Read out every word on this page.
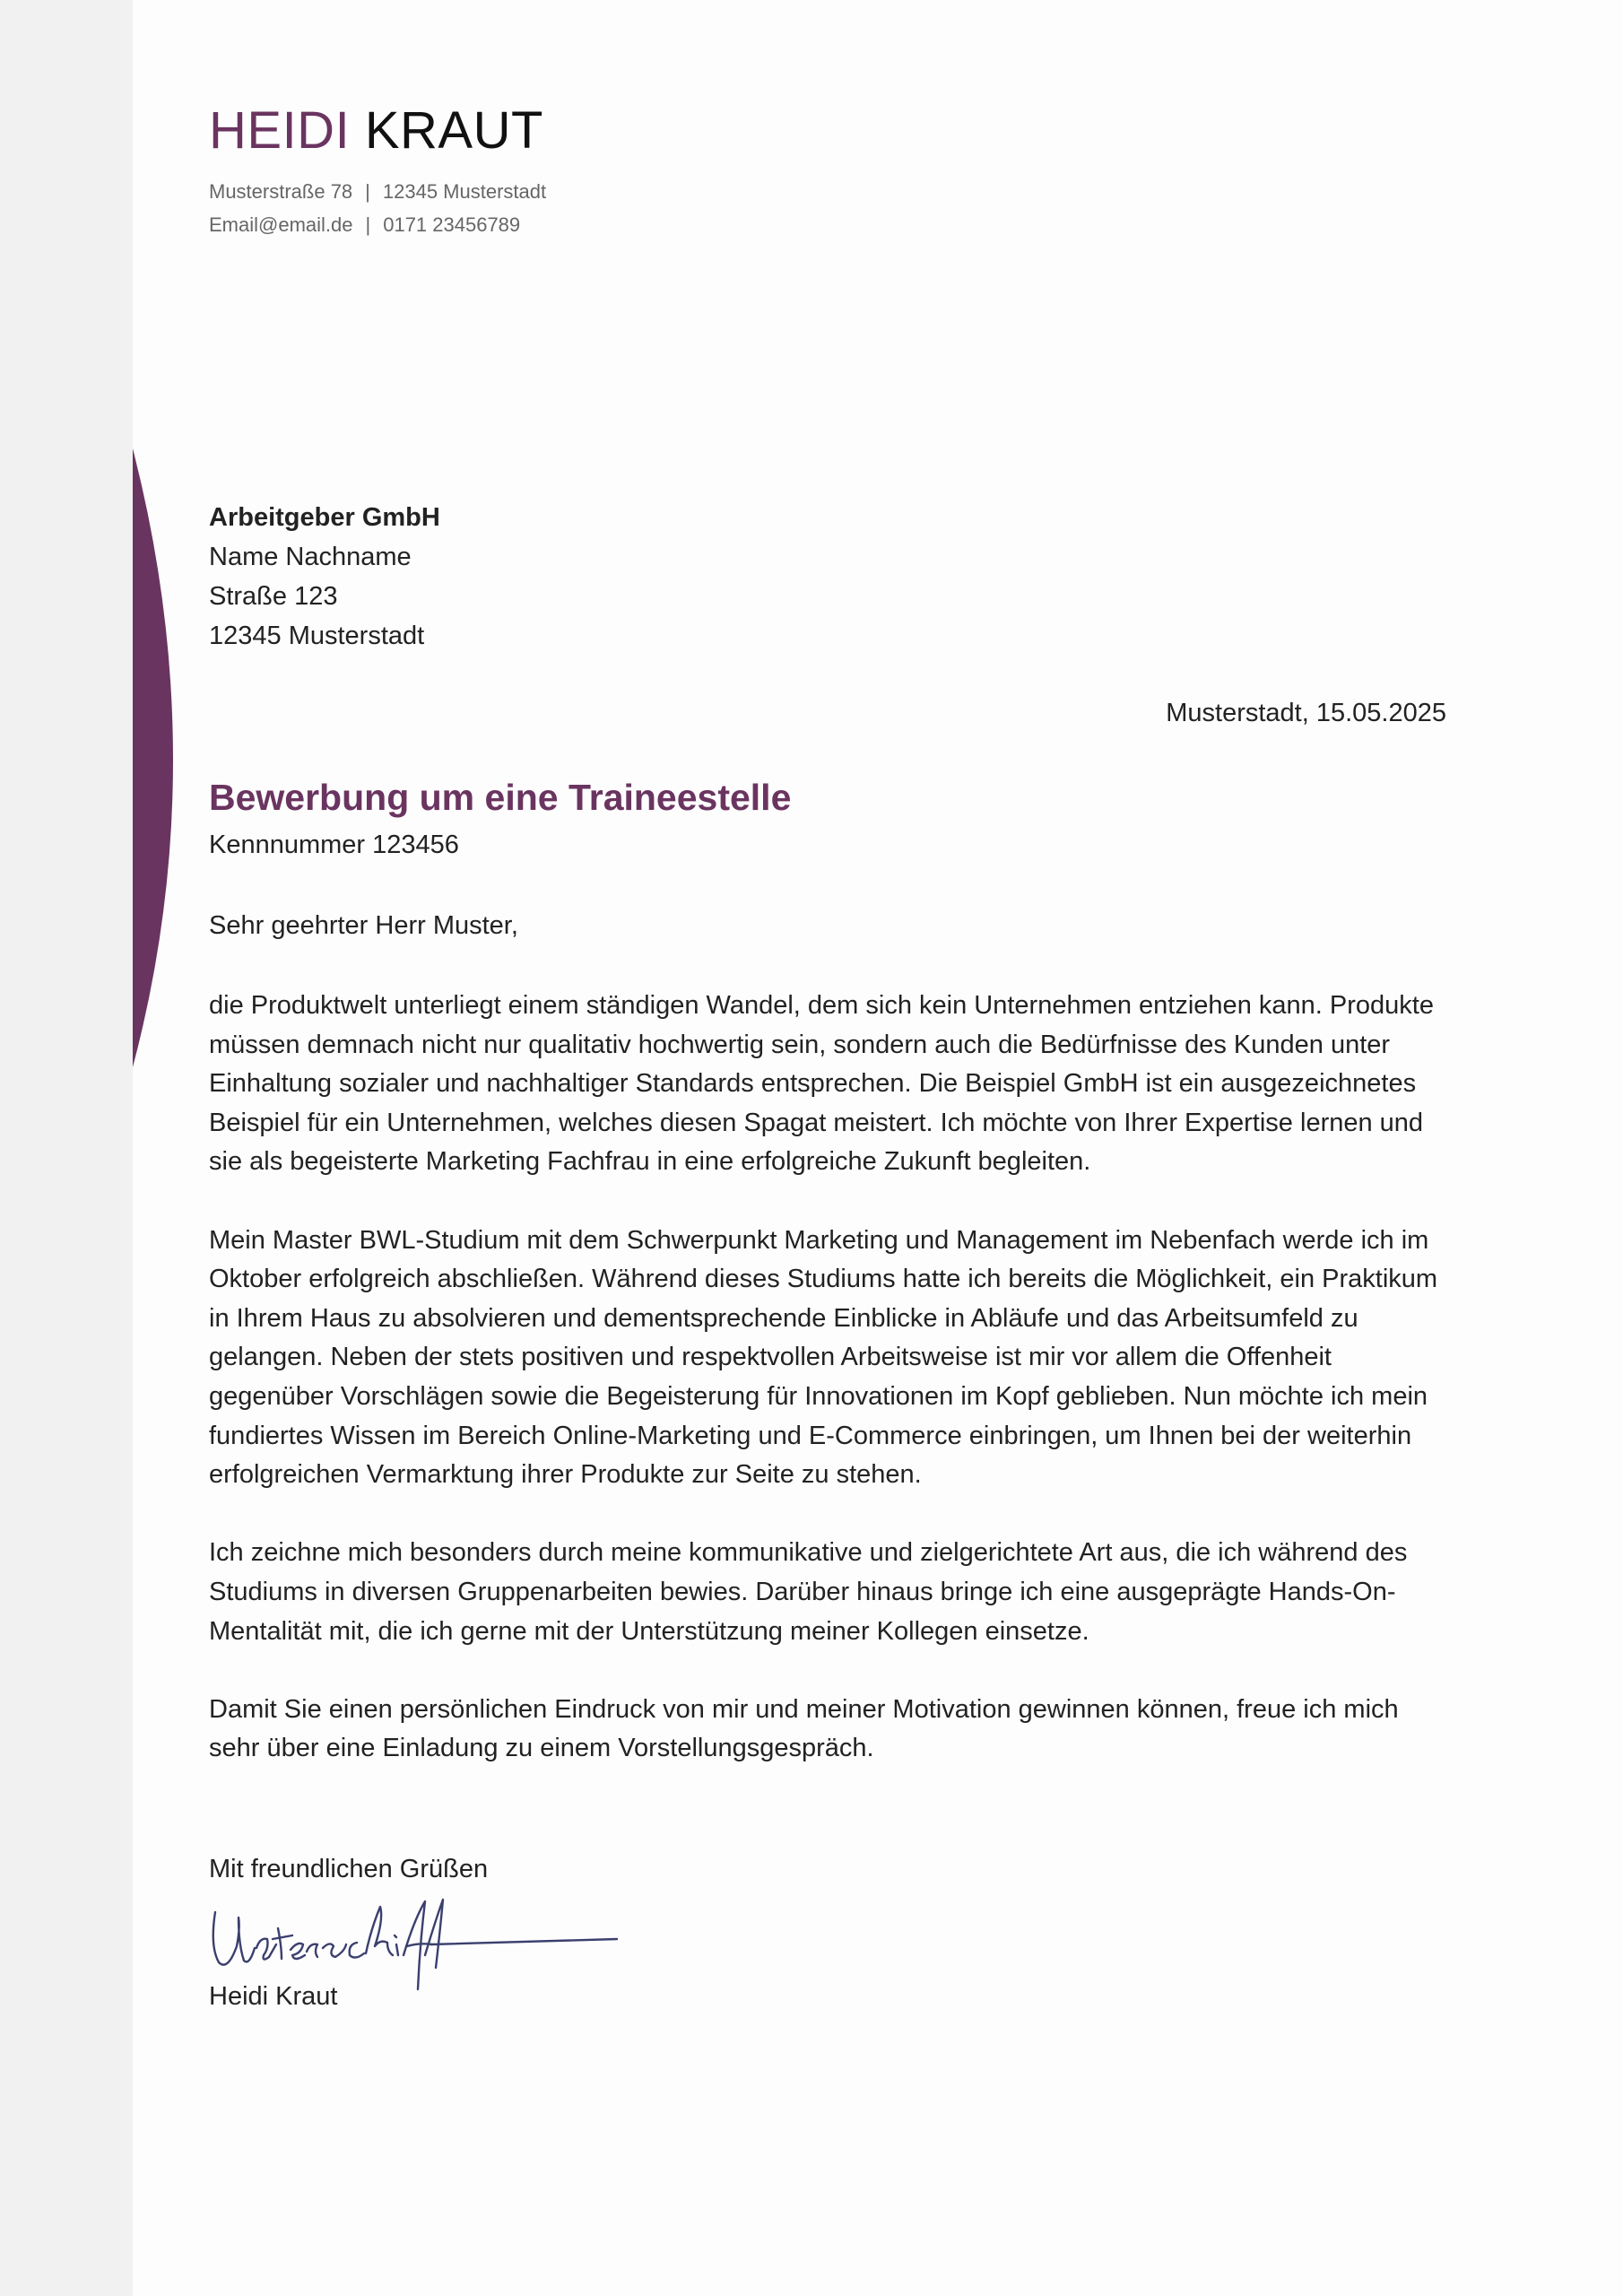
HEIDI KRAUT
Musterstraße 78 | 12345 Musterstadt
Email@email.de | 0171 23456789
Arbeitgeber GmbH
Name Nachname
Straße 123
12345 Musterstadt
Musterstadt, 15.05.2025
Bewerbung um eine Traineestelle
Kennnummer 123456
Sehr geehrter Herr Muster,

die Produktwelt unterliegt einem ständigen Wandel, dem sich kein Unternehmen entziehen kann. Produkte müssen demnach nicht nur qualitativ hochwertig sein, sondern auch die Bedürfnisse des Kunden unter Einhaltung sozialer und nachhaltiger Standards entsprechen. Die Beispiel GmbH ist ein ausgezeichnetes Beispiel für ein Unternehmen, welches diesen Spagat meistert. Ich möchte von Ihrer Expertise lernen und sie als begeisterte Marketing Fachfrau in eine erfolgreiche Zukunft begleiten.

Mein Master BWL-Studium mit dem Schwerpunkt Marketing und Management im Nebenfach werde ich im Oktober erfolgreich abschließen. Während dieses Studiums hatte ich bereits die Möglichkeit, ein Praktikum in Ihrem Haus zu absolvieren und dementsprechende Einblicke in Abläufe und das Arbeitsumfeld zu gelangen. Neben der stets positiven und respektvollen Arbeitsweise ist mir vor allem die Offenheit gegenüber Vorschlägen sowie die Begeisterung für Innovationen im Kopf geblieben. Nun möchte ich mein fundiertes Wissen im Bereich Online-Marketing und E-Commerce einbringen, um Ihnen bei der weiterhin erfolgreichen Vermarktung ihrer Produkte zur Seite zu stehen.

Ich zeichne mich besonders durch meine kommunikative und zielgerichtete Art aus, die ich während des Studiums in diversen Gruppenarbeiten bewies. Darüber hinaus bringe ich eine ausgeprägte Hands-On-Mentalität mit, die ich gerne mit der Unterstützung meiner Kollegen einsetze.

Damit Sie einen persönlichen Eindruck von mir und meiner Motivation gewinnen können, freue ich mich sehr über eine Einladung zu einem Vorstellungsgespräch.

Mit freundlichen Grüßen
Heidi Kraut
